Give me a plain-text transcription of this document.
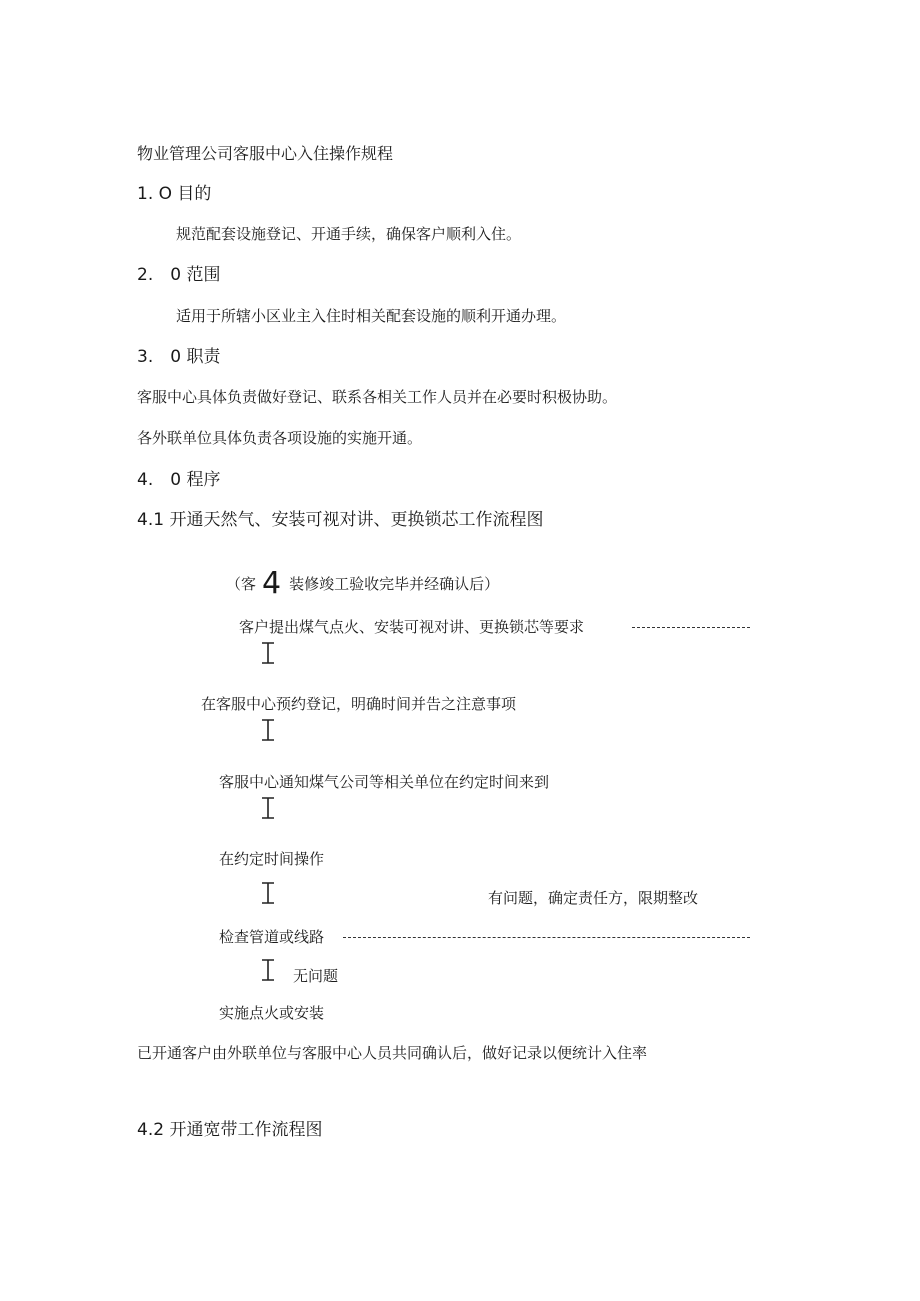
物业管理公司客服中心入住操作规程
1. O 目的
规范配套设施登记、开通手续，确保客户顺利入住。
2.　0 范围
适用于所辖小区业主入住时相关配套设施的顺利开通办理。
3.　0 职责
客服中心具体负责做好登记、联系各相关工作人员并在必要时积极协助。
各外联单位具体负责各项设施的实施开通。
4.　0 程序
4.1 开通天然气、安装可视对讲、更换锁芯工作流程图
（客 4 装修竣工验收完毕并经确认后）
客户提出煤气点火、安装可视对讲、更换锁芯等要求
在客服中心预约登记，明确时间并告之注意事项
客服中心通知煤气公司等相关单位在约定时间来到
在约定时间操作
有问题，确定责任方，限期整改
检查管道或线路
无问题
实施点火或安装
已开通客户由外联单位与客服中心人员共同确认后，做好记录以便统计入住率
4.2 开通宽带工作流程图
